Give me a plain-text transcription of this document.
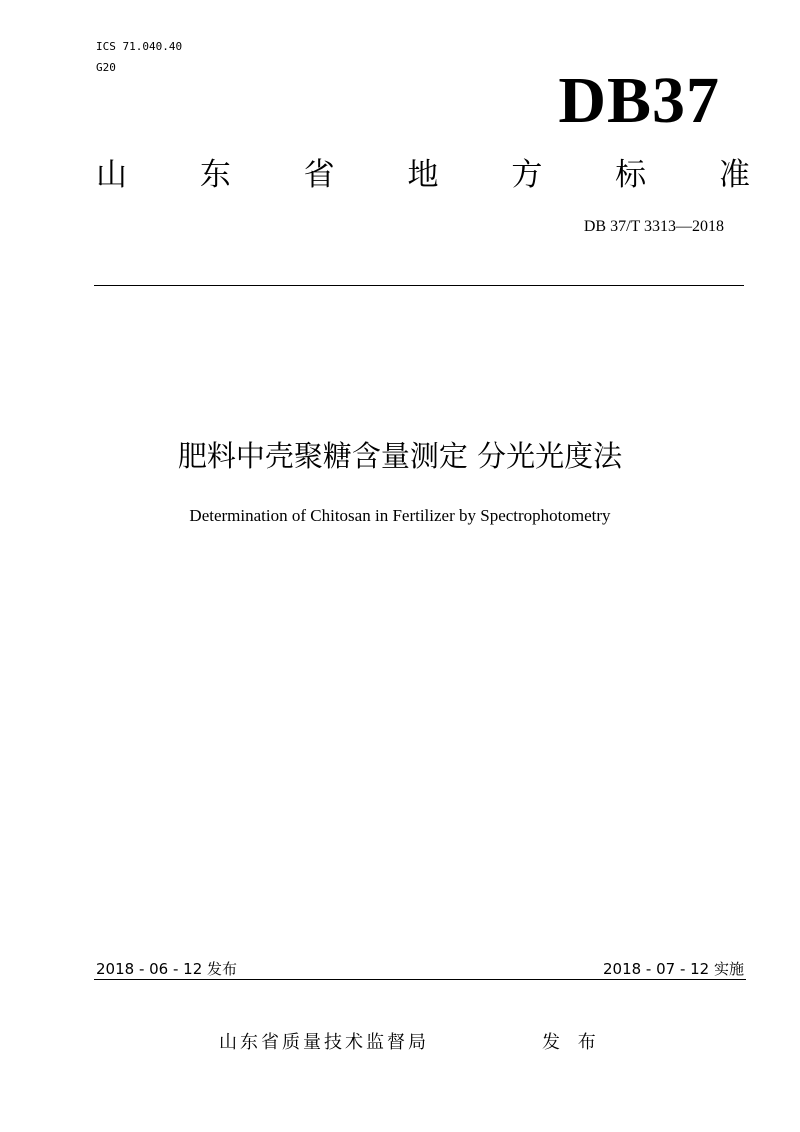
ICS 71.040.40
G20	DB37
山 东 省 地 方 标 准
DB 37/T 3313—2018
肥料中壳聚糖含量测定 分光光度法
Determination of Chitosan in Fertilizer by Spectrophotometry
2018 - 06 - 12 发布	2018 - 07 - 12 实施
山东省质量技术监督局	发 布
